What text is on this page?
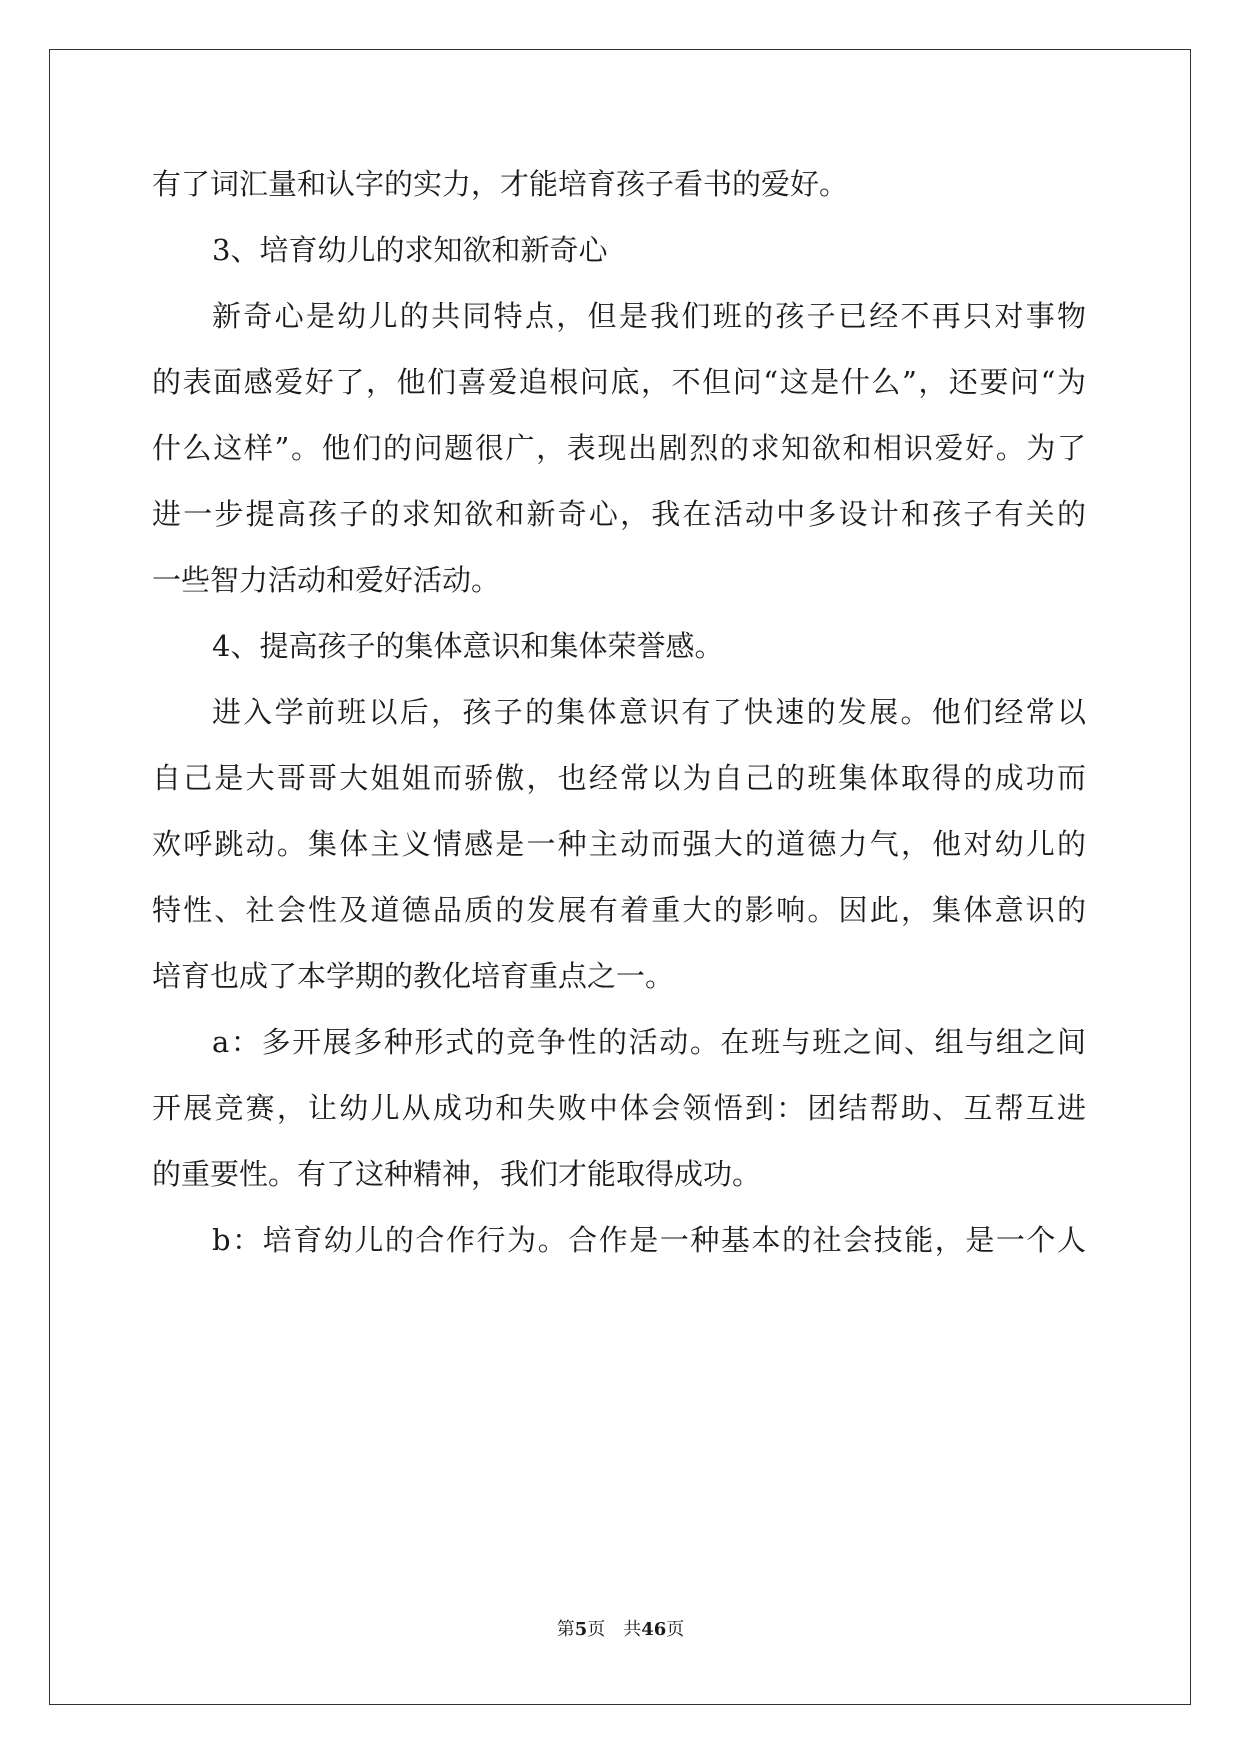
有了词汇量和认字的实力，才能培育孩子看书的爱好。
3、培育幼儿的求知欲和新奇心
新奇心是幼儿的共同特点，但是我们班的孩子已经不再只对事物
的表面感爱好了，他们喜爱追根问底，不但问“这是什么”，还要问“为
什么这样”。他们的问题很广，表现出剧烈的求知欲和相识爱好。为了
进一步提高孩子的求知欲和新奇心，我在活动中多设计和孩子有关的
一些智力活动和爱好活动。
4、提高孩子的集体意识和集体荣誉感。
进入学前班以后，孩子的集体意识有了快速的发展。他们经常以
自己是大哥哥大姐姐而骄傲，也经常以为自己的班集体取得的成功而
欢呼跳动。集体主义情感是一种主动而强大的道德力气，他对幼儿的
特性、社会性及道德品质的发展有着重大的影响。因此，集体意识的
培育也成了本学期的教化培育重点之一。
a：多开展多种形式的竞争性的活动。在班与班之间、组与组之间
开展竞赛，让幼儿从成功和失败中体会领悟到：团结帮助、互帮互进
的重要性。有了这种精神，我们才能取得成功。
b：培育幼儿的合作行为。合作是一种基本的社会技能，是一个人
第5页 共46页
